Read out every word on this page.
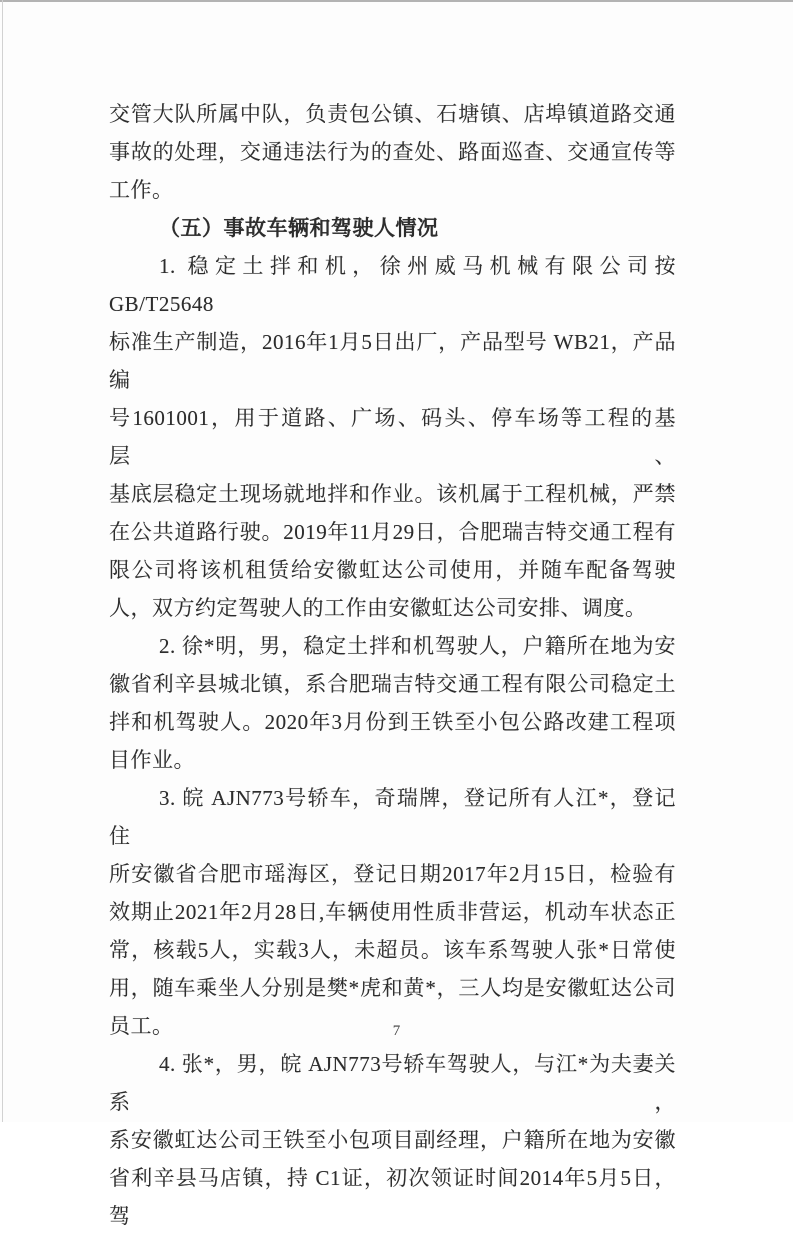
交管大队所属中队，负责包公镇、石塘镇、店埠镇道路交通
事故的处理，交通违法行为的查处、路面巡查、交通宣传等
工作。
（五）事故车辆和驾驶人情况
1. 稳定土拌和机，徐州威马机械有限公司按 GB/T25648
标准生产制造，2016年1月5日出厂，产品型号 WB21，产品编
号1601001，用于道路、广场、码头、停车场等工程的基层、
基底层稳定土现场就地拌和作业。该机属于工程机械，严禁
在公共道路行驶。2019年11月29日，合肥瑞吉特交通工程有
限公司将该机租赁给安徽虹达公司使用，并随车配备驾驶
人，双方约定驾驶人的工作由安徽虹达公司安排、调度。
2. 徐*明，男，稳定土拌和机驾驶人，户籍所在地为安
徽省利辛县城北镇，系合肥瑞吉特交通工程有限公司稳定土
拌和机驾驶人。2020年3月份到王铁至小包公路改建工程项
目作业。
3. 皖 AJN773号轿车，奇瑞牌，登记所有人江*，登记住
所安徽省合肥市瑶海区，登记日期2017年2月15日，检验有
效期止2021年2月28日,车辆使用性质非营运，机动车状态正
常，核载5人，实载3人，未超员。该车系驾驶人张*日常使
用，随车乘坐人分别是樊*虎和黄*，三人均是安徽虹达公司
员工。
4. 张*，男，皖 AJN773号轿车驾驶人，与江*为夫妻关系，
系安徽虹达公司王铁至小包项目副经理，户籍所在地为安徽
省利辛县马店镇，持 C1证，初次领证时间2014年5月5日，驾
7
